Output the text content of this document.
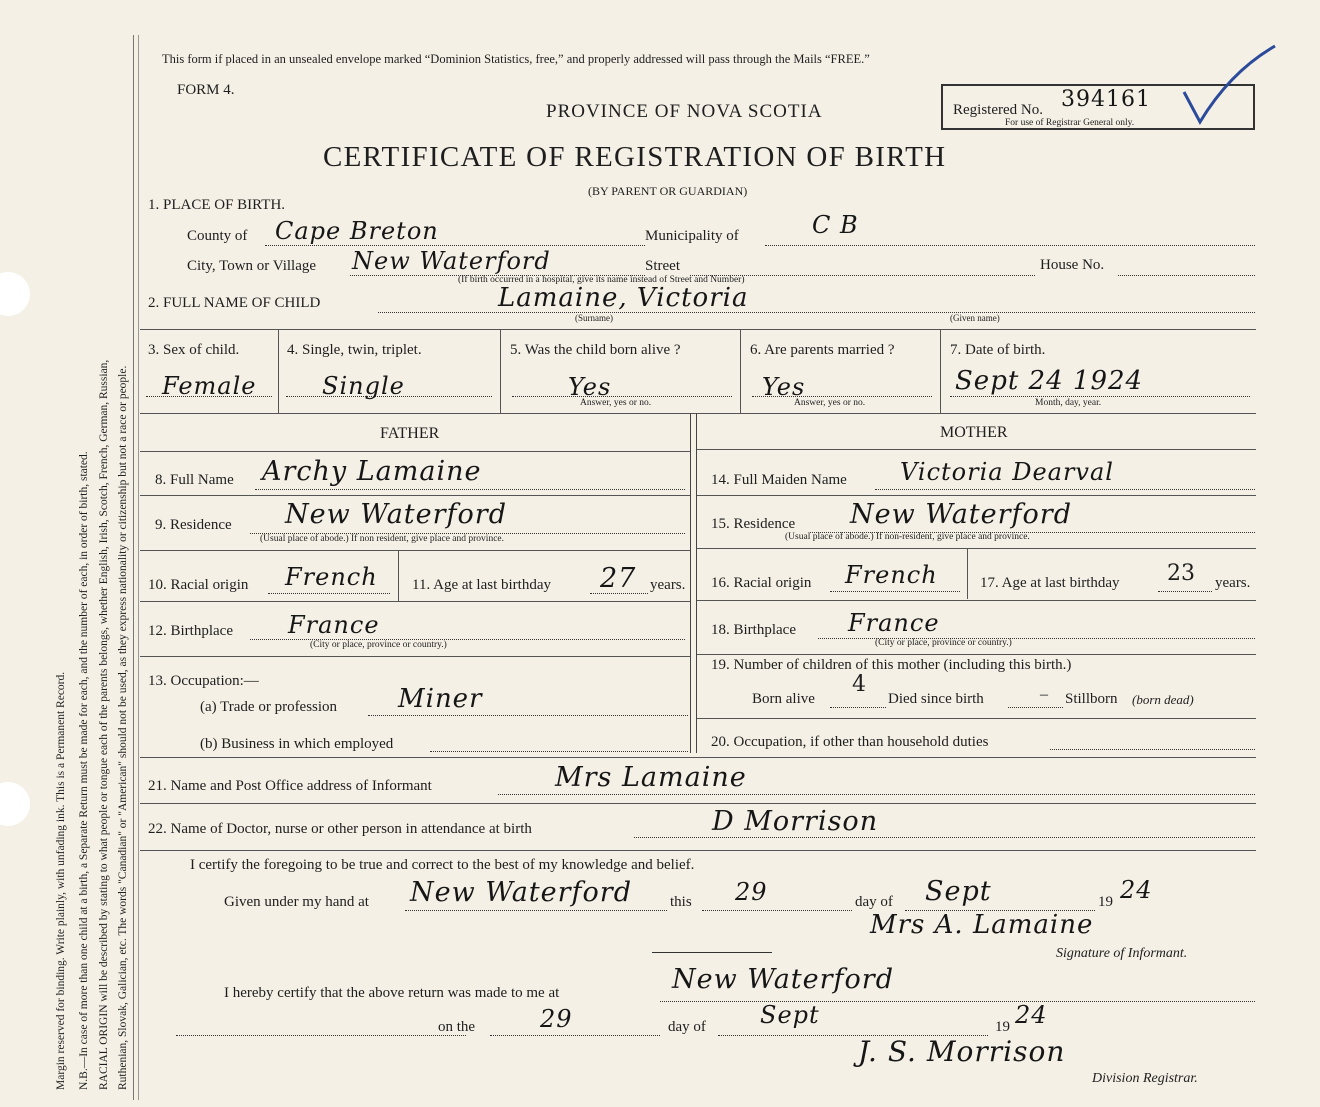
Margin reserved for binding. Write plainly, with unfading ink. This is a Permanent Record. N.B.—In case of more than one child at a birth, a Separate Return must be made for each, and the number of each, in order of birth, stated. RACIAL ORIGIN will be described by stating to what people or tongue each of the parents belongs, whether English, Irish, Scotch, French, German, Russian, Ruthenian, Slovak, Galician, etc. The words "Canadian" or "American" should not be used, as they express nationality or citizenship but not a race or people.
This form if placed in an unsealed envelope marked “Dominion Statistics, free,” and properly addressed will pass through the Mails “FREE.”
FORM 4.
PROVINCE OF NOVA SCOTIA
CERTIFICATE OF REGISTRATION OF BIRTH
(BY PARENT OR GUARDIAN)
Registered No. 394161
For use of Registrar General only.
1. PLACE OF BIRTH.
County of Cape Breton	Municipality of	C B
City, Town or Village New Waterford	Street	House No.
(If birth occurred in a hospital, give its name instead of Street and Number)
2. FULL NAME OF CHILD	Lamaine, Victoria
(Surname)	(Given name)
3. Sex of child.
Female
4. Single, twin, triplet.
Single
5. Was the child born alive ?
Yes
Answer, yes or no.
6. Are parents married ?
Yes
Answer, yes or no.
7. Date of birth.
Sept 24 1924
Month, day, year.
FATHER
8. Full Name Archy Lamaine
9. Residence New Waterford
(Usual place of abode.) If non resident, give place and province.
10. Racial origin French 11. Age at last birthday 27 years.
12. Birthplace France
(City or place, province or country.)
13. Occupation:—
(a) Trade or profession Miner
(b) Business in which employed
MOTHER
14. Full Maiden Name Victoria Dearval
15. Residence New Waterford
(Usual place of abode.) If non-resident, give place and province.
16. Racial origin French	17. Age at last birthday 23 years.
18. Birthplace France
(City or place, province or country.)
19. Number of children of this mother (including this birth.)
Born alive
4
Died since birth	– Stillborn (born dead)
20. Occupation, if other than household duties
21. Name and Post Office address of Informant	Mrs Lamaine
22. Name of Doctor, nurse or other person in attendance at birth	D Morrison
I certify the foregoing to be true and correct to the best of my knowledge and belief.
Given under my hand at New Waterford	this 29	day of Sept	19 24
Mrs A. Lamaine
Signature of Informant.
I hereby certify that the above return was made to me at	New Waterford
on the	29	day of Sept	19 24
J. S. Morrison
Division Registrar.
